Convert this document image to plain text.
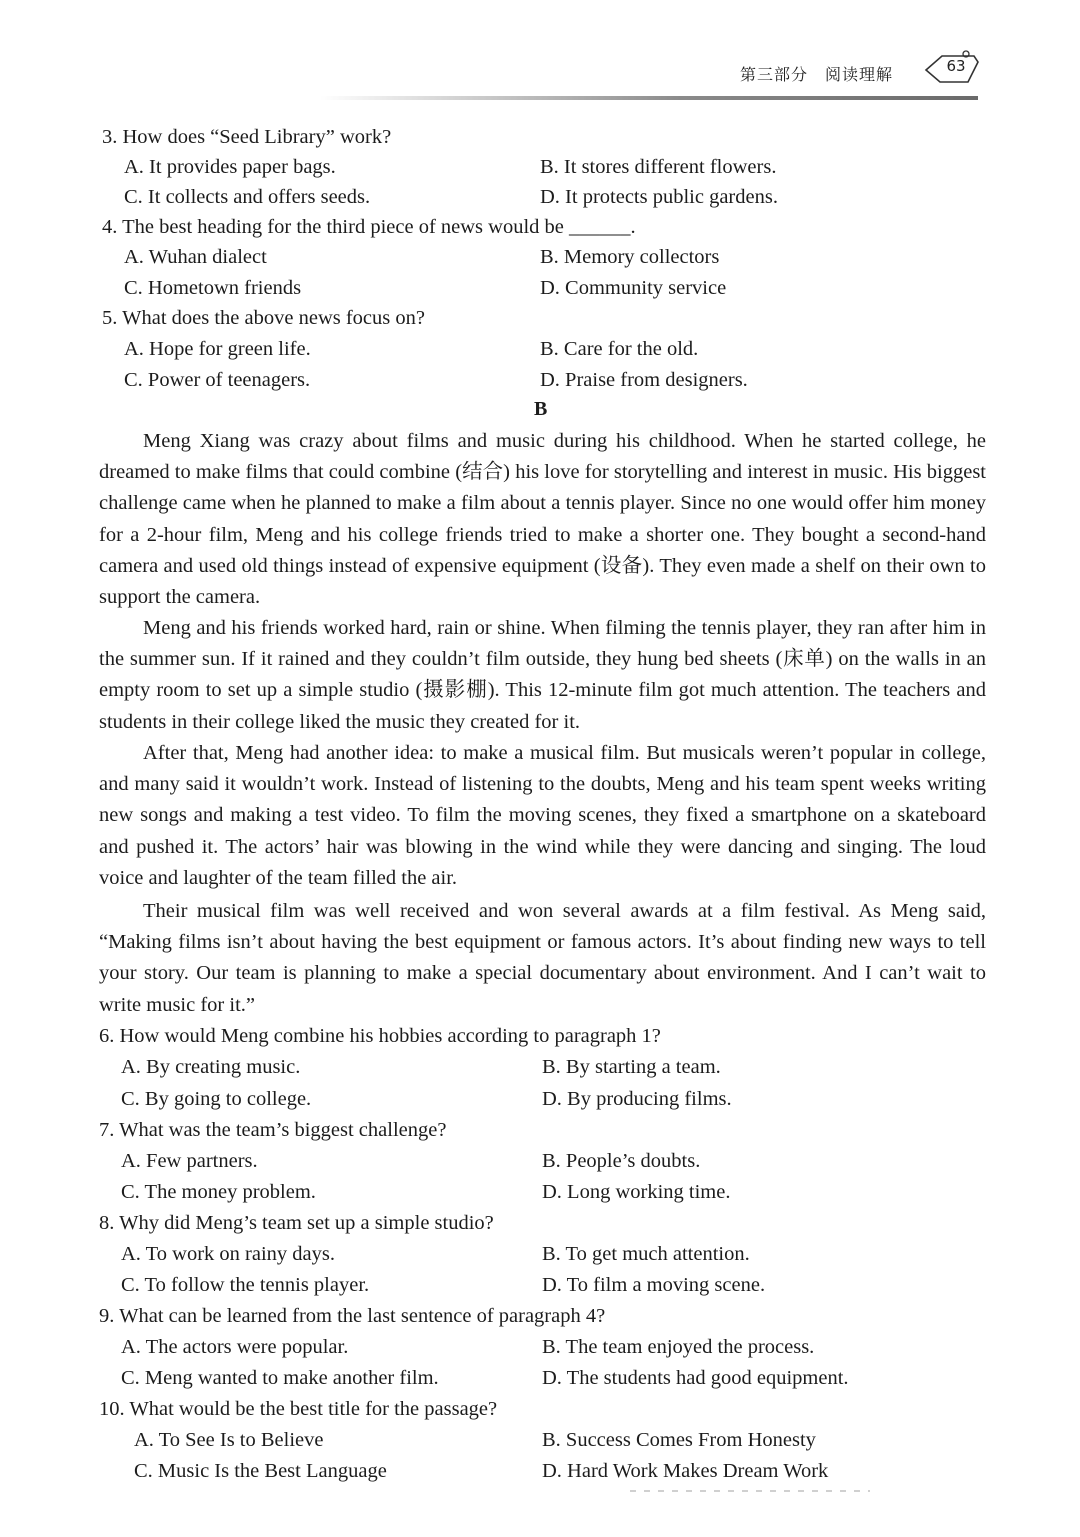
第三部分　阅读理解	63
3. How does “Seed Library” work?
A. It provides paper bags.	B. It stores different flowers.
C. It collects and offers seeds.	D. It protects public gardens.
4. The best heading for the third piece of news would be ______.
A. Wuhan dialect	B. Memory collectors
C. Hometown friends	D. Community service
5. What does the above news focus on?
A. Hope for green life.	B. Care for the old.
C. Power of teenagers.	D. Praise from designers.
B
Meng Xiang was crazy about films and music during his childhood. When he started college, he dreamed to make films that could combine (结合) his love for storytelling and interest in music. His biggest challenge came when he planned to make a film about a tennis player. Since no one would offer him money for a 2-hour film, Meng and his college friends tried to make a shorter one. They bought a second-hand camera and used old things instead of expensive equipment (设备). They even made a shelf on their own to support the camera.
Meng and his friends worked hard, rain or shine. When filming the tennis player, they ran after him in the summer sun. If it rained and they couldn’t film outside, they hung bed sheets (床单) on the walls in an empty room to set up a simple studio (摄影棚). This 12-minute film got much attention. The teachers and students in their college liked the music they created for it.
After that, Meng had another idea: to make a musical film. But musicals weren’t popular in college, and many said it wouldn’t work. Instead of listening to the doubts, Meng and his team spent weeks writing new songs and making a test video. To film the moving scenes, they fixed a smartphone on a skateboard and pushed it. The actors’ hair was blowing in the wind while they were dancing and singing. The loud voice and laughter of the team filled the air.
Their musical film was well received and won several awards at a film festival. As Meng said, “Making films isn’t about having the best equipment or famous actors. It’s about finding new ways to tell your story. Our team is planning to make a special documentary about environment. And I can’t wait to write music for it.”
6. How would Meng combine his hobbies according to paragraph 1?
A. By creating music.	B. By starting a team.
C. By going to college.	D. By producing films.
7. What was the team’s biggest challenge?
A. Few partners.	B. People’s doubts.
C. The money problem.	D. Long working time.
8. Why did Meng’s team set up a simple studio?
A. To work on rainy days.	B. To get much attention.
C. To follow the tennis player.	D. To film a moving scene.
9. What can be learned from the last sentence of paragraph 4?
A. The actors were popular.	B. The team enjoyed the process.
C. Meng wanted to make another film.	D. The students had good equipment.
10. What would be the best title for the passage?
A. To See Is to Believe	B. Success Comes From Honesty
C. Music Is the Best Language	D. Hard Work Makes Dream Work
